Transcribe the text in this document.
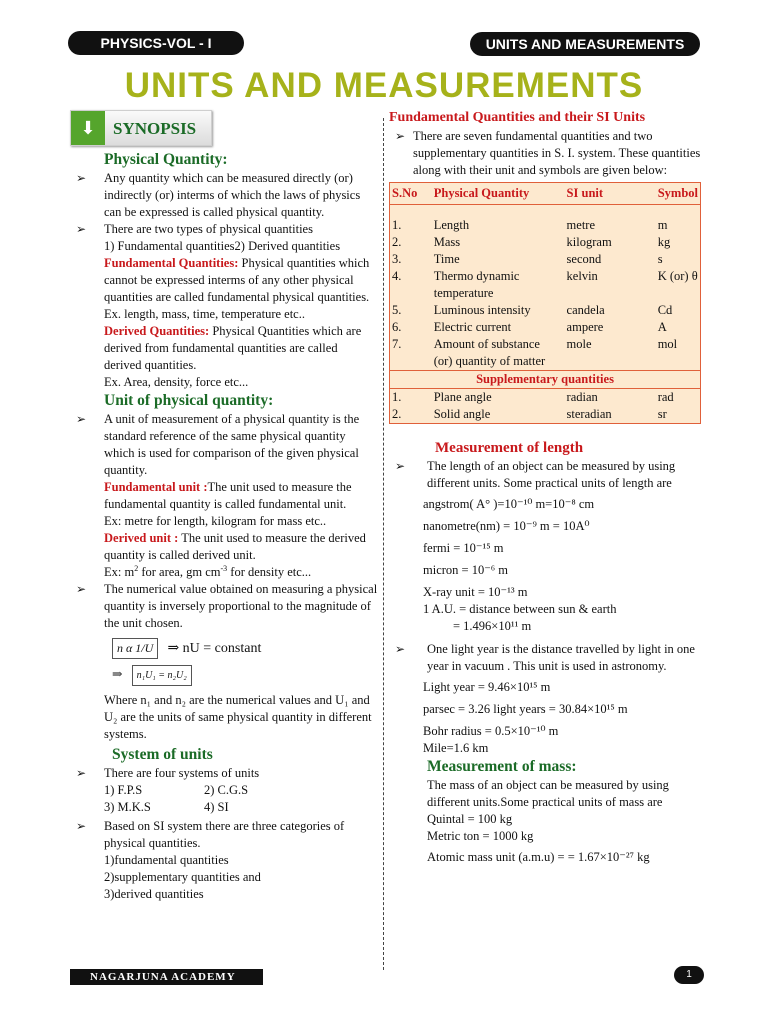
PHYSICS-VOL - I	UNITS AND MEASUREMENTS
UNITS AND MEASUREMENTS
⬇	SYNOPSIS
Physical Quantity:
➢ Any quantity which can be measured directly (or) indirectly (or) interms of which the laws of physics can be expressed is called physical quantity.
➢ There are two types of physical quantities
1) Fundamental quantities2) Derived quantities
Fundamental Quantities: Physical quantities which cannot be expressed interms of any other physical quantities are called fundamental physical quantities.
Ex. length, mass, time, temperature etc..
Derived Quantities: Physical Quantities which are derived from fundamental quantities are called derived quantities.
Ex. Area, density, force etc...
Unit of physical quantity:
➢ A unit of measurement of a physical quantity is the standard reference of the same physical quantity which is used for comparison of the given physical quantity.
Fundamental unit :The unit used to measure the fundamental quantity is called fundamental unit.
Ex: metre for length, kilogram for mass etc..
Derived unit : The unit used to measure the derived quantity is called derived unit.
Ex: $m^2$ for area, gm $cm^{-3}$ for density etc...
➢ The numerical value obtained on measuring a physical quantity is inversely proportional to the magnitude of the unit chosen.
n α 1/U ⇒ nU = constant
⇒ n₁U₁ = n₂U₂
Where n₁ and n₂ are the numerical values and U₁ and U₂ are the units of same physical quantity in different systems.
System of units
➢ There are four systems of units
1) F.P.S	2) C.G.S
3) M.K.S	4) SI
➢ Based on SI system there are three categories of physical quantities.
1)fundamental quantities
2)supplementary quantities and
3)derived quantities
Fundamental Quantities and their SI Units
➢ There are seven fundamental quantities and two supplementary quantities in S. I. system. These quantities along with their unit and symbols are given below:
S.No	Physical Quantity	SI unit	Symbol

1.	Length	metre	m
2.	Mass	kilogram	kg
3.	Time	second	s
4.	Thermo dynamic temperature	kelvin	K (or) θ
5.	Luminous intensity	candela	Cd
6.	Electric current	ampere	A
7.	Amount of substance (or) quantity of matter	mole	mol
Supplementary quantities			
1.	Plane angle	radian	rad
2.	Solid angle	steradian	sr
Measurement of length
➢ The length of an object can be measured by using different units. Some practical units of length are
angstrom( A° )=10⁻¹⁰ m=10⁻⁸ cm
nanometre(nm) = 10⁻⁹ m = 10A⁰
fermi = 10⁻¹⁵ m
micron = 10⁻⁶ m
X-ray unit = 10⁻¹³ m
1 A.U. = distance between sun & earth
= 1.496×10¹¹ m
➢ One light year is the distance travelled by light in one year in vacuum . This unit is used in astronomy.
Light year = 9.46×10¹⁵ m
parsec = 3.26 light years = 30.84×10¹⁵ m
Bohr radius = 0.5×10⁻¹⁰ m
Mile=1.6 km
Measurement of mass:
The mass of an object can be measured by using different units.Some practical units of mass are
Quintal = 100 kg
Metric ton = 1000 kg
Atomic mass unit (a.m.u) = = 1.67×10⁻²⁷ kg
NAGARJUNA ACADEMY	1
